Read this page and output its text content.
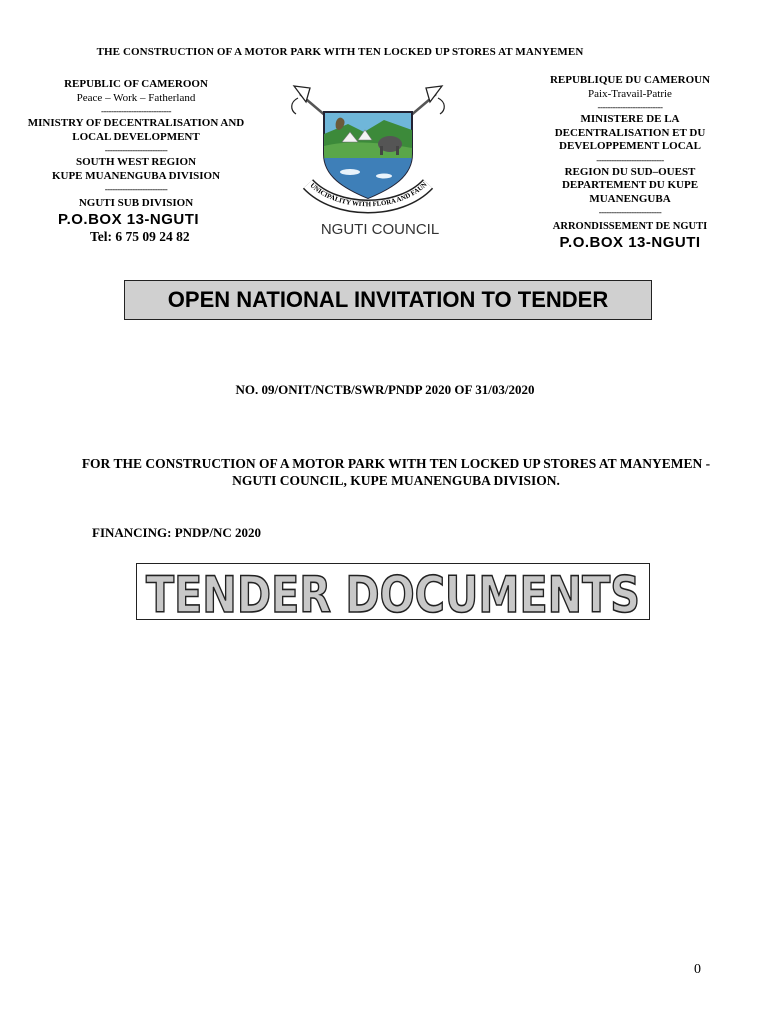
THE CONSTRUCTION OF A MOTOR PARK WITH TEN LOCKED UP STORES AT MANYEMEN
REPUBLIC OF CAMEROON
Peace – Work – Fatherland
----------------------------
MINISTRY OF DECENTRALISATION AND LOCAL DEVELOPMENT
-------------------------
SOUTH WEST REGION
KUPE MUANENGUBA DIVISION
-------------------------
NGUTI SUB DIVISION
P.O.BOX 13-NGUTI
Tel: 6 75 09 24 82
UNICIPALITY WITH FLORA AND FAUN
NGUTI COUNCIL
REPUBLIQUE DU CAMEROUN
Paix-Travail-Patrie
--------------------------
MINISTERE DE LA DECENTRALISATION ET DU DEVELOPPEMENT LOCAL
---------------------------
REGION DU SUD–OUEST
DEPARTEMENT DU KUPE MUANENGUBA
-------------------------
ARRONDISSEMENT DE NGUTI
P.O.BOX 13-NGUTI
OPEN NATIONAL INVITATION TO TENDER
NO. 09/ONIT/NCTB/SWR/PNDP 2020 OF 31/03/2020
FOR THE CONSTRUCTION OF A MOTOR PARK WITH TEN LOCKED UP STORES AT MANYEMEN - NGUTI COUNCIL, KUPE MUANENGUBA DIVISION.
FINANCING: PNDP/NC 2020
TENDER DOCUMENTS
0
